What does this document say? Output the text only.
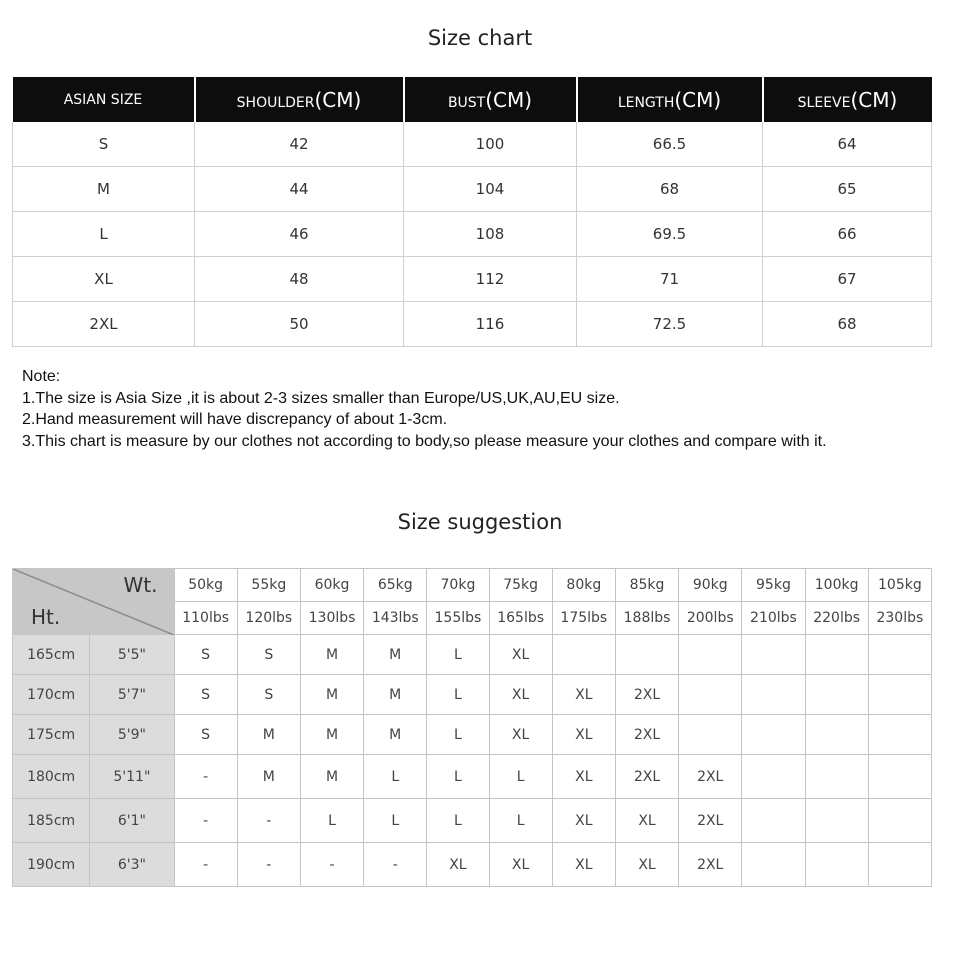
Size chart
ASIAN SIZE	SHOULDER(CM)	BUST(CM)	LENGTH(CM)	SLEEVE(CM)
S	42	100	66.5	64
M	44	104	68	65
L	46	108	69.5	66
XL	48	112	71	67
2XL	50	116	72.5	68
Note:
1.The size is Asia Size ,it is about 2-3 sizes smaller than Europe/US,UK,AU,EU size.
2.Hand measurement will have discrepancy of about 1-3cm.
3.This chart is measure by our clothes not according to body,so please measure your clothes and compare with it.
Size suggestion
Wt.
Ht.		50kg	55kg	60kg	65kg	70kg	75kg	80kg	85kg	90kg	95kg	100kg	105kg
		110lbs	120lbs	130lbs	143lbs	155lbs	165lbs	175lbs	188lbs	200lbs	210lbs	220lbs	230lbs
165cm	5'5"	S	S	M	M	L	XL						
170cm	5'7"	S	S	M	M	L	XL	XL	2XL				
175cm	5'9"	S	M	M	M	L	XL	XL	2XL				
180cm	5'11"	-	M	M	L	L	L	XL	2XL	2XL			
185cm	6'1"	-	-	L	L	L	L	XL	XL	2XL			
190cm	6'3"	-	-	-	-	XL	XL	XL	XL	2XL			
